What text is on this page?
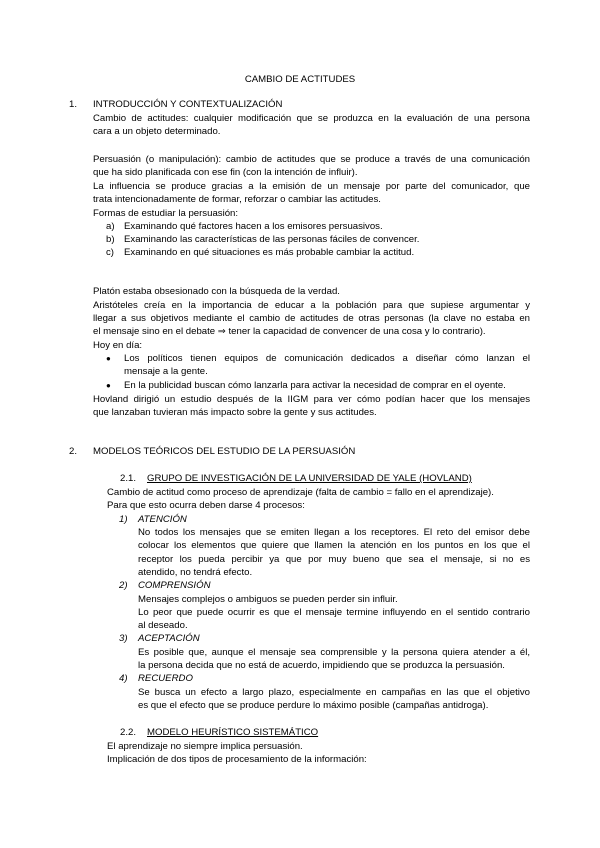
CAMBIO DE ACTITUDES
1. INTRODUCCIÓN Y CONTEXTUALIZACIÓN
Cambio de actitudes: cualquier modificación que se produzca en la evaluación de una persona
cara a un objeto determinado.
Persuasión (o manipulación): cambio de actitudes que se produce a través de una comunicación
que ha sido planificada con ese fin (con la intención de influir).
La influencia se produce gracias a la emisión de un mensaje por parte del comunicador, que
trata intencionadamente de formar, reforzar o cambiar las actitudes.
Formas de estudiar la persuasión:
a) Examinando qué factores hacen a los emisores persuasivos.
b) Examinando las características de las personas fáciles de convencer.
c) Examinando en qué situaciones es más probable cambiar la actitud.
Platón estaba obsesionado con la búsqueda de la verdad.
Aristóteles creía en la importancia de educar a la población para que supiese argumentar y
llegar a sus objetivos mediante el cambio de actitudes de otras personas (la clave no estaba en
el mensaje sino en el debate ⇒ tener la capacidad de convencer de una cosa y lo contrario).
Hoy en día:
● Los políticos tienen equipos de comunicación dedicados a diseñar cómo lanzan el
mensaje a la gente.
● En la publicidad buscan cómo lanzarla para activar la necesidad de comprar en el oyente.
Hovland dirigió un estudio después de la IIGM para ver cómo podían hacer que los mensajes
que lanzaban tuvieran más impacto sobre la gente y sus actitudes.
2. MODELOS TEÓRICOS DEL ESTUDIO DE LA PERSUASIÓN
2.1. GRUPO DE INVESTIGACIÓN DE LA UNIVERSIDAD DE YALE (HOVLAND)
Cambio de actitud como proceso de aprendizaje (falta de cambio = fallo en el aprendizaje).
Para que esto ocurra deben darse 4 procesos:
1) ATENCIÓN
No todos los mensajes que se emiten llegan a los receptores. El reto del emisor debe
colocar los elementos que quiere que llamen la atención en los puntos en los que el
receptor los pueda percibir ya que por muy bueno que sea el mensaje, si no es
atendido, no tendrá efecto.
2) COMPRENSIÓN
Mensajes complejos o ambiguos se pueden perder sin influir.
Lo peor que puede ocurrir es que el mensaje termine influyendo en el sentido contrario
al deseado.
3) ACEPTACIÓN
Es posible que, aunque el mensaje sea comprensible y la persona quiera atender a él,
la persona decida que no está de acuerdo, impidiendo que se produzca la persuasión.
4) RECUERDO
Se busca un efecto a largo plazo, especialmente en campañas en las que el objetivo
es que el efecto que se produce perdure lo máximo posible (campañas antidroga).
2.2. MODELO HEURÍSTICO SISTEMÁTICO
El aprendizaje no siempre implica persuasión.
Implicación de dos tipos de procesamiento de la información:
